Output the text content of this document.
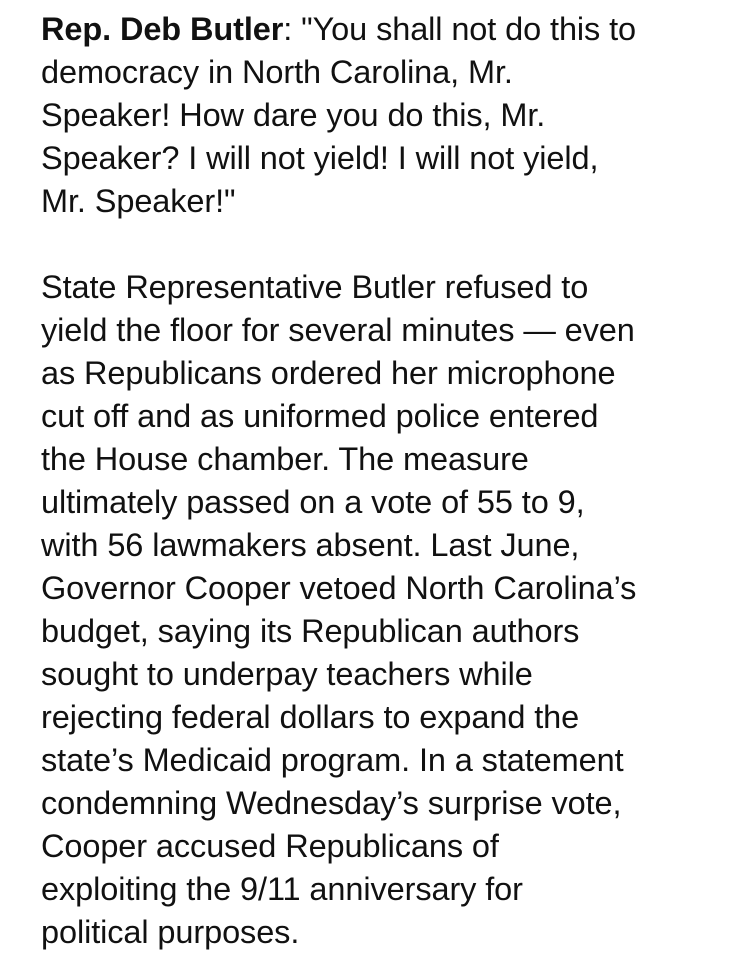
Rep. Deb Butler: "You shall not do this to
democracy in North Carolina, Mr.
Speaker! How dare you do this, Mr.
Speaker? I will not yield! I will not yield,
Mr. Speaker!"
State Representative Butler refused to
yield the floor for several minutes — even
as Republicans ordered her microphone
cut off and as uniformed police entered
the House chamber. The measure
ultimately passed on a vote of 55 to 9,
with 56 lawmakers absent. Last June,
Governor Cooper vetoed North Carolina’s
budget, saying its Republican authors
sought to underpay teachers while
rejecting federal dollars to expand the
state’s Medicaid program. In a statement
condemning Wednesday’s surprise vote,
Cooper accused Republicans of
exploiting the 9/11 anniversary for
political purposes.
